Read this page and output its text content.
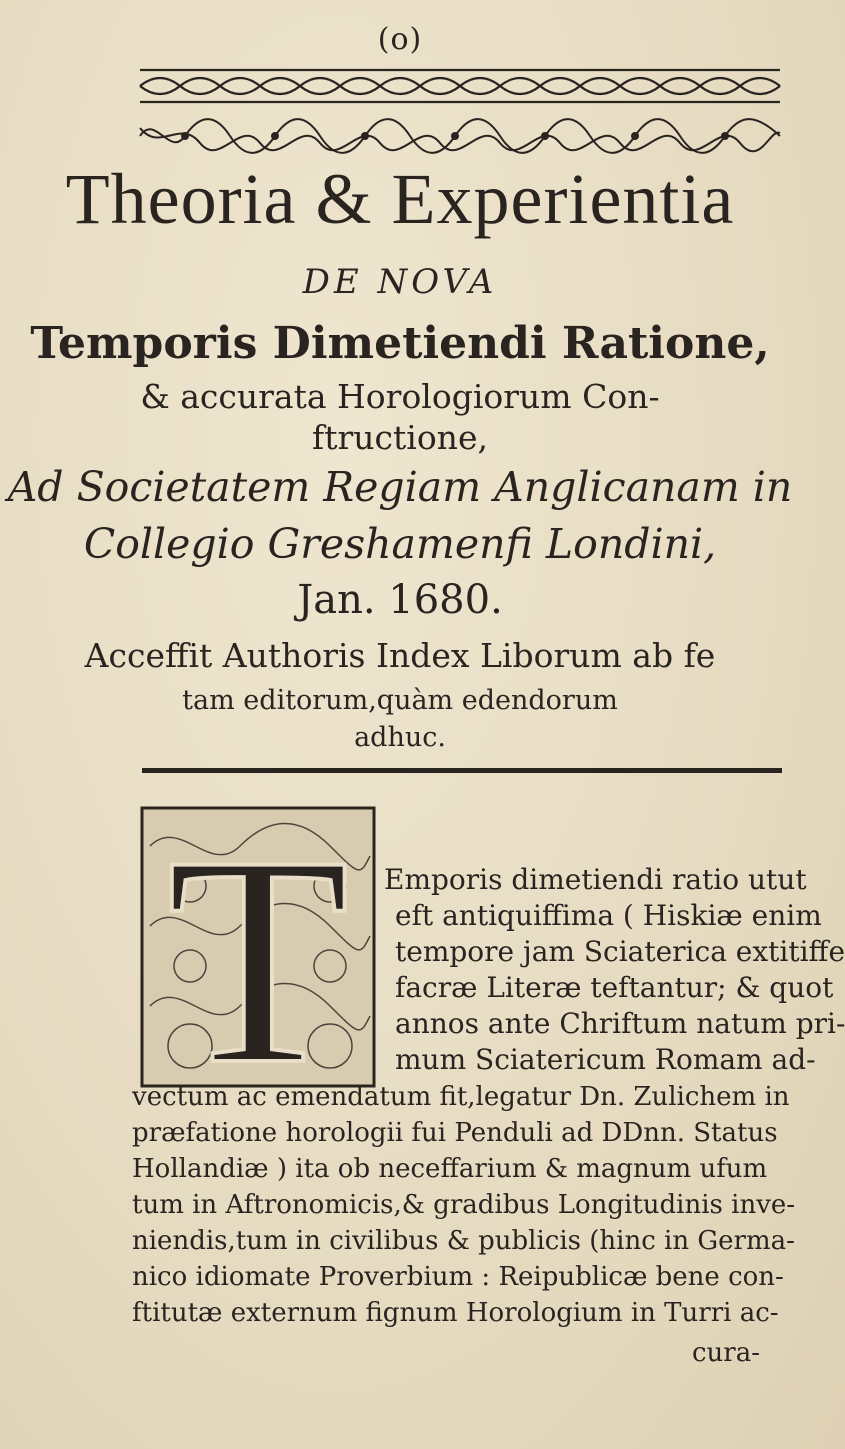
(o)
Theoria & Experientia
DE NOVA
Temporis Dimetiendi Ratione,
& accurata Horologiorum Con-
ftructione,
Ad Societatem Regiam Anglicanam in
Collegio Greshamenfi Londini,
Jan. 1680.
Acceffit Authoris Index Liborum ab fe
tam editorum,quàm edendorum
adhuc.
T Emporis dimetiendi ratio utut
eft antiquiffima ( Hiskiæ enim
tempore jam Sciaterica extitiffe
facræ Literæ teftantur; & quot
annos ante Chriftum natum pri-
mum Sciatericum Romam ad-
vectum ac emendatum fit,legatur Dn. Zulichem in
præfatione horologii fui Penduli ad DDnn. Status
Hollandiæ ) ita ob neceffarium & magnum ufum
tum in Aftronomicis,& gradibus Longitudinis inve-
niendis,tum in civilibus & publicis (hinc in Germa-
nico idiomate Proverbium : Reipublicæ bene con-
ftitutæ externum fignum Horologium in Turri ac-
cura-
